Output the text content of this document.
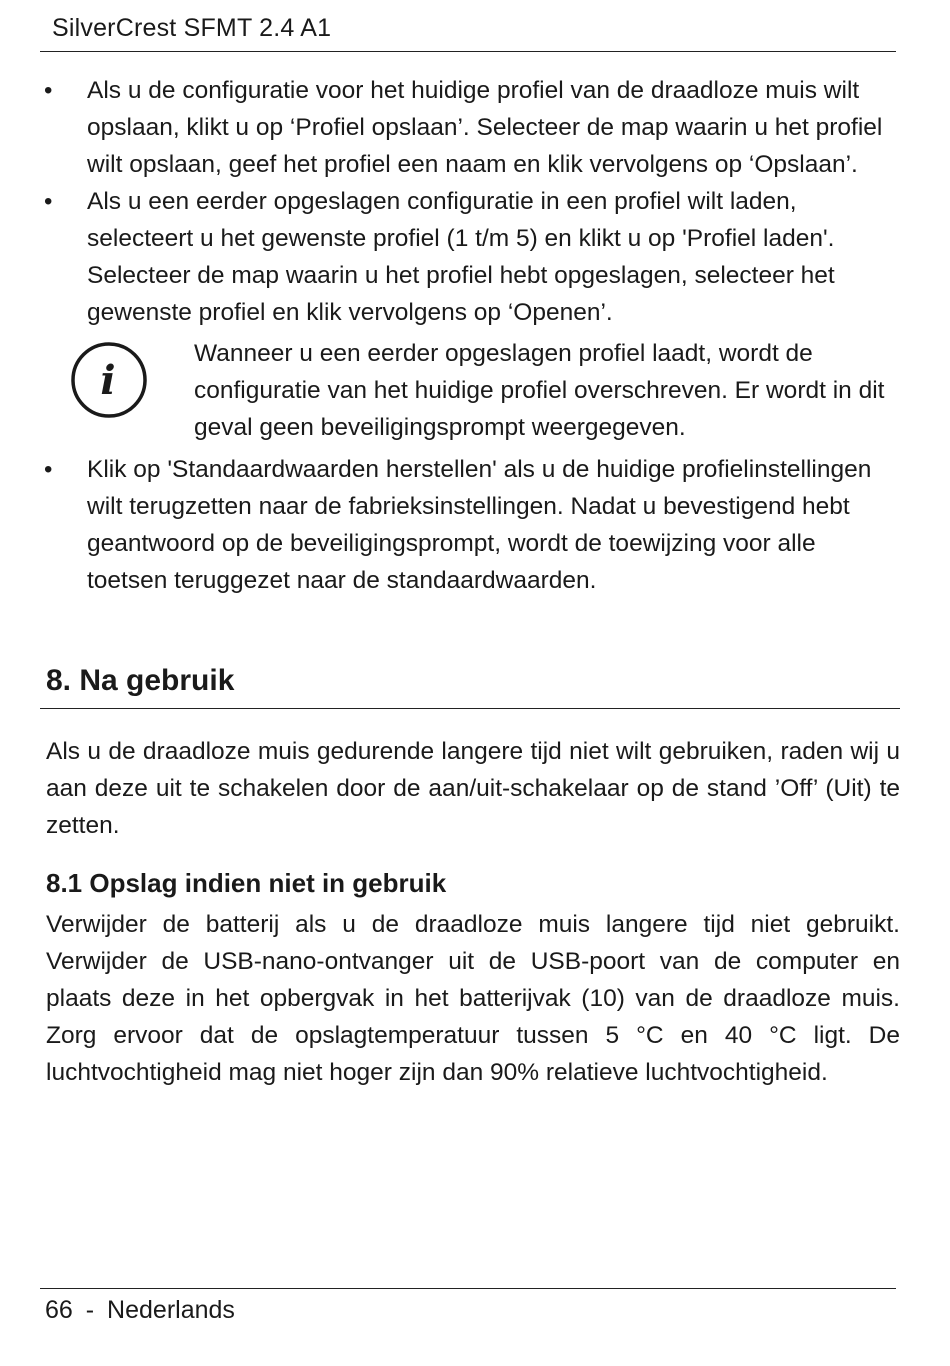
SilverCrest SFMT 2.4 A1
• Als u de configuratie voor het huidige profiel van de draadloze muis wilt opslaan, klikt u op ‘Profiel opslaan’. Selecteer de map waarin u het profiel wilt opslaan, geef het profiel een naam en klik vervolgens op ‘Opslaan’.
• Als u een eerder opgeslagen configuratie in een profiel wilt laden, selecteert u het gewenste profiel (1 t/m 5) en klikt u op 'Profiel laden'. Selecteer de map waarin u het profiel hebt opgeslagen, selecteer het gewenste profiel en klik vervolgens op ‘Openen’.
i
Wanneer u een eerder opgeslagen profiel laadt, wordt de configuratie van het huidige profiel overschreven. Er wordt in dit geval geen beveiligingsprompt weergegeven.
• Klik op 'Standaardwaarden herstellen' als u de huidige profielinstellingen wilt terugzetten naar de fabrieksinstellingen. Nadat u bevestigend hebt geantwoord op de beveiligingsprompt, wordt de toewijzing voor alle toetsen teruggezet naar de standaardwaarden.
8. Na gebruik

Als u de draadloze muis gedurende langere tijd niet wilt gebruiken, raden wij u aan deze uit te schakelen door de aan/uit-schakelaar op de stand ’Off’ (Uit) te zetten.

8.1 Opslag indien niet in gebruik

Verwijder de batterij als u de draadloze muis langere tijd niet gebruikt. Verwijder de USB-nano-ontvanger uit de USB-poort van de computer en plaats deze in het opbergvak in het batterijvak (10) van de draadloze muis. Zorg ervoor dat de opslagtemperatuur tussen 5 °C en 40 °C ligt. De luchtvochtigheid mag niet hoger zijn dan 90% relatieve luchtvochtigheid.

66 - Nederlands
